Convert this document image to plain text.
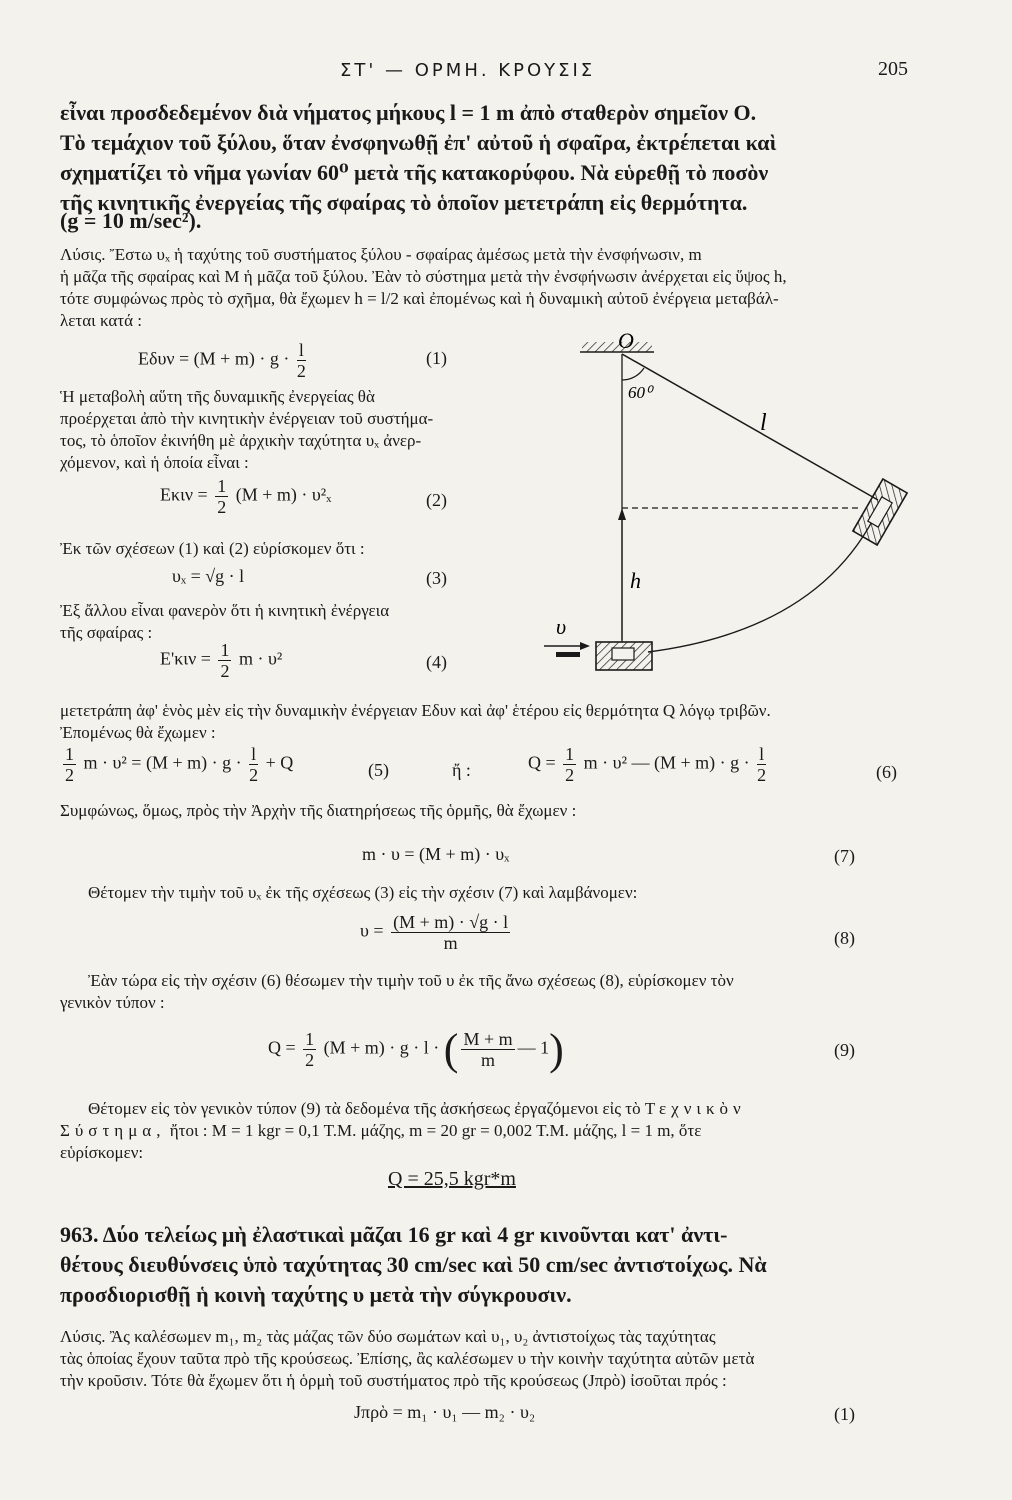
ΣΤ' — ΟΡΜΗ. ΚΡΟΥΣΙΣ	205
εἶναι προσδεδεμένον διὰ νήματος μήκους l = 1 m ἀπὸ σταθερὸν σημεῖον O.
Τὸ τεμάχιον τοῦ ξύλου, ὅταν ἐνσφηνωθῇ ἐπ' αὐτοῦ ἡ σφαῖρα, ἐκτρέπεται καὶ
σχηματίζει τὸ νῆμα γωνίαν 60⁰ μετὰ τῆς κατακορύφου. Νὰ εὑρεθῇ τὸ ποσὸν
τῆς κινητικῆς ἐνεργείας τῆς σφαίρας τὸ ὁποῖον μετετράπη εἰς θερμότητα.
(g = 10 m/sec²).
Λύσις. Ἔστω υₓ ἡ ταχύτης τοῦ συστήματος ξύλου - σφαίρας ἀμέσως μετὰ τὴν ἐνσφήνωσιν, m
ἡ μᾶζα τῆς σφαίρας καὶ M ἡ μᾶζα τοῦ ξύλου. Ἐὰν τὸ σύστημα μετὰ τὴν ἐνσφήνωσιν ἀνέρχεται εἰς ὕψος h,
τότε συμφώνως πρὸς τὸ σχῆμα, θὰ ἔχωμεν h = l/2 καὶ ἐπομένως καὶ ἡ δυναμικὴ αὐτοῦ ἐνέργεια μεταβάλ-
λεται κατά :
$E\delta\upsilon\nu = (M + m) \cdot g \cdot \frac{l}{2}$	(1)
Ἡ μεταβολὴ αὕτη τῆς δυναμικῆς ἐνεργείας θὰ
προέρχεται ἀπὸ τὴν κινητικὴν ἐνέργειαν τοῦ συστήμα-
τος, τὸ ὁποῖον ἐκινήθη μὲ ἀρχικὴν ταχύτητα υₓ ἀνερ-
χόμενον, καὶ ἡ ὁποία εἶναι :
$E\kappa\iota\nu = \frac{1}{2} (M + m) \cdot \upsilon^2_x$	(2)
Ἐκ τῶν σχέσεων (1) καὶ (2) εὑρίσκομεν ὅτι :
υₓ = √g · l	(3)
Ἐξ ἄλλου εἶναι φανερὸν ὅτι ἡ κινητικὴ ἐνέργεια
τῆς σφαίρας :
$E'\kappa\iota\nu = \frac{1}{2}$ m · υ²	(4)
μετετράπη ἀφ' ἑνὸς μὲν εἰς τὴν δυναμικὴν ἐνέργειαν Eδυν καὶ ἀφ' ἑτέρου εἰς θερμότητα Q λόγῳ τριβῶν.
Ἐπομένως θὰ ἔχωμεν :
$\frac{1}{2}$ $m \cdot \upsilon^2 = (M + m) \cdot g \cdot \frac{l}{2} + Q$	(5)	ἤ :	$Q = \frac{1}{2}$ m · υ² — $(M + m) \cdot g \cdot \frac{l}{2}$	(6)
Συμφώνως, ὅμως, πρὸς τὴν Ἀρχὴν τῆς διατηρήσεως τῆς ὁρμῆς, θὰ ἔχωμεν :
m · υ = (M + m) · υₓ	(7)
Θέτομεν τὴν τιμὴν τοῦ υₓ ἐκ τῆς σχέσεως (3) εἰς τὴν σχέσιν (7) καὶ λαμβάνομεν:
$\upsilon = \frac{(M + m) \cdot √g \cdot l}{m}$	(8)
Ἐὰν τώρα εἰς τὴν σχέσιν (6) θέσωμεν τὴν τιμὴν τοῦ υ ἐκ τῆς ἄνω σχέσεως (8), εὑρίσκομεν τὸν
γενικὸν τύπον :
$Q = \frac{1}{2} (M + m) \cdot g \cdot l$ · ( $\frac{M + m}{m}$ — 1)	(9)
Θέτομεν εἰς τὸν γενικὸν τύπον (9) τὰ δεδομένα τῆς ἀσκήσεως ἐργαζόμενοι εἰς τὸ Τεχνικὸν
Σύστημα, ἤτοι : M = 1 kgr = 0,1 T.M. μάζης, m = 20 gr = 0,002 T.M. μάζης, l = 1 m, ὅτε
εὑρίσκομεν:
Q = 25,5 kgr*m
963. Δύο τελείως μὴ ἐλαστικαὶ μᾶζαι 16 gr καὶ 4 gr κινοῦνται κατ' ἀντι-
θέτους διευθύνσεις ὑπὸ ταχύτητας 30 cm/sec καὶ 50 cm/sec ἀντιστοίχως. Νὰ
προσδιορισθῇ ἡ κοινὴ ταχύτης υ μετὰ τὴν σύγκρουσιν.
Λύσις. Ἂς καλέσωμεν m₁, m₂ τὰς μάζας τῶν δύο σωμάτων καὶ υ₁, υ₂ ἀντιστοίχως τὰς ταχύτητας
τὰς ὁποίας ἔχουν ταῦτα πρὸ τῆς κρούσεως. Ἐπίσης, ἂς καλέσωμεν υ τὴν κοινὴν ταχύτητα αὐτῶν μετὰ
τὴν κροῦσιν. Τότε θὰ ἔχωμεν ὅτι ἡ ὁρμὴ τοῦ συστήματος πρὸ τῆς κρούσεως (Jπρὸ) ἰσοῦται πρός :
Jπρὸ = m₁ · υ₁ — m₂ · υ₂	(1)
O
60⁰
l
h
υ
